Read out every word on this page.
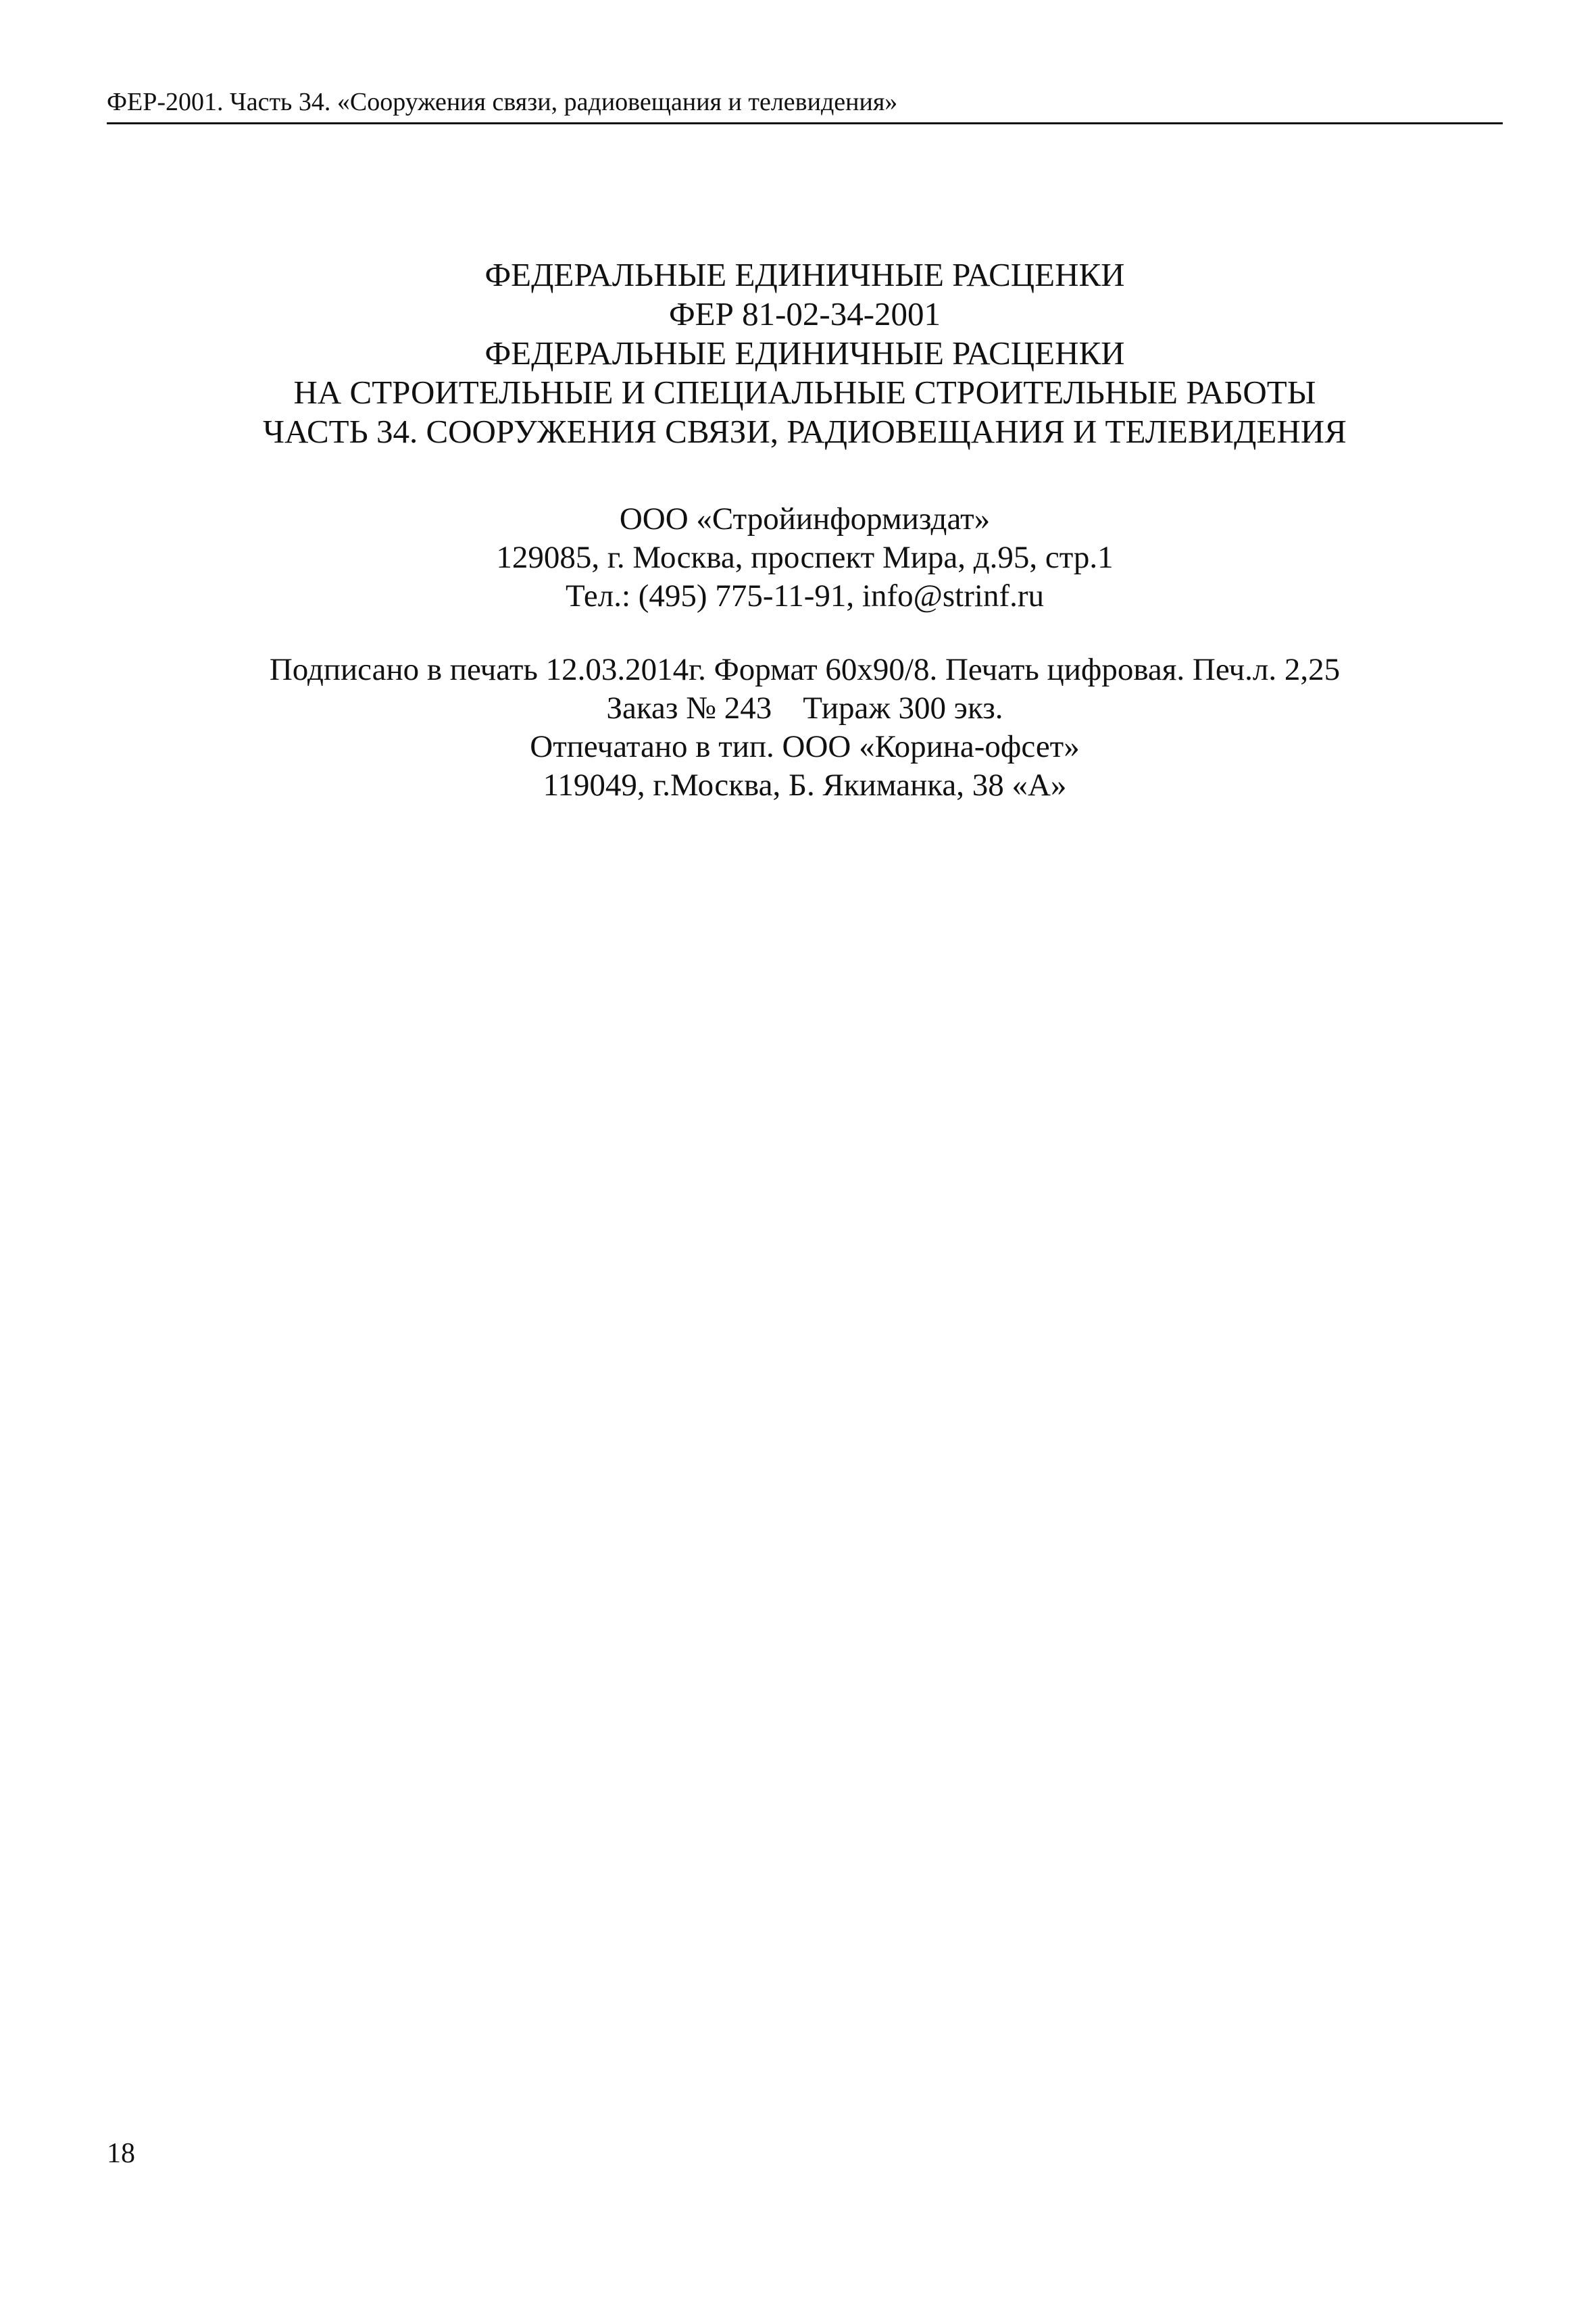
ФЕР-2001. Часть 34. «Сооружения связи, радиовещания и телевидения»
ФЕДЕРАЛЬНЫЕ ЕДИНИЧНЫЕ РАСЦЕНКИ
ФЕР 81-02-34-2001
ФЕДЕРАЛЬНЫЕ ЕДИНИЧНЫЕ РАСЦЕНКИ
НА СТРОИТЕЛЬНЫЕ И СПЕЦИАЛЬНЫЕ СТРОИТЕЛЬНЫЕ РАБОТЫ
ЧАСТЬ 34. СООРУЖЕНИЯ СВЯЗИ, РАДИОВЕЩАНИЯ И ТЕЛЕВИДЕНИЯ
ООО «Стройинформиздат»
129085, г. Москва, проспект Мира, д.95, стр.1
Тел.: (495) 775-11-91, info@strinf.ru
Подписано в печать 12.03.2014г. Формат 60x90/8. Печать цифровая. Печ.л. 2,25
Заказ № 243 Тираж 300 экз.
Отпечатано в тип. ООО «Корина-офсет»
119049, г.Москва, Б. Якиманка, 38 «А»
18
